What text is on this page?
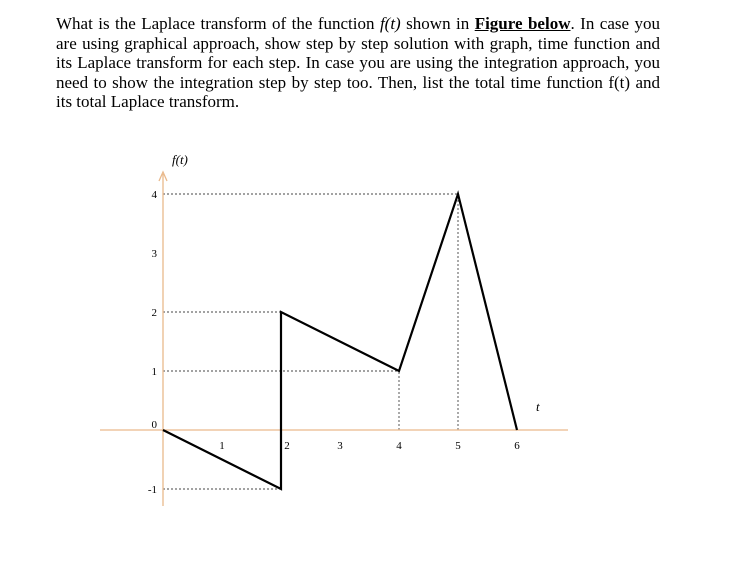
What is the Laplace transform of the function f(t) shown in Figure below. In case you are using graphical approach, show step by step solution with graph, time function and its Laplace transform for each step. In case you are using the integration approach, you need to show the integration step by step too. Then, list the total time function f(t) and its total Laplace transform.

1	2	3	4	5	6
-1
0
1
2
3
4
f(t)
t
